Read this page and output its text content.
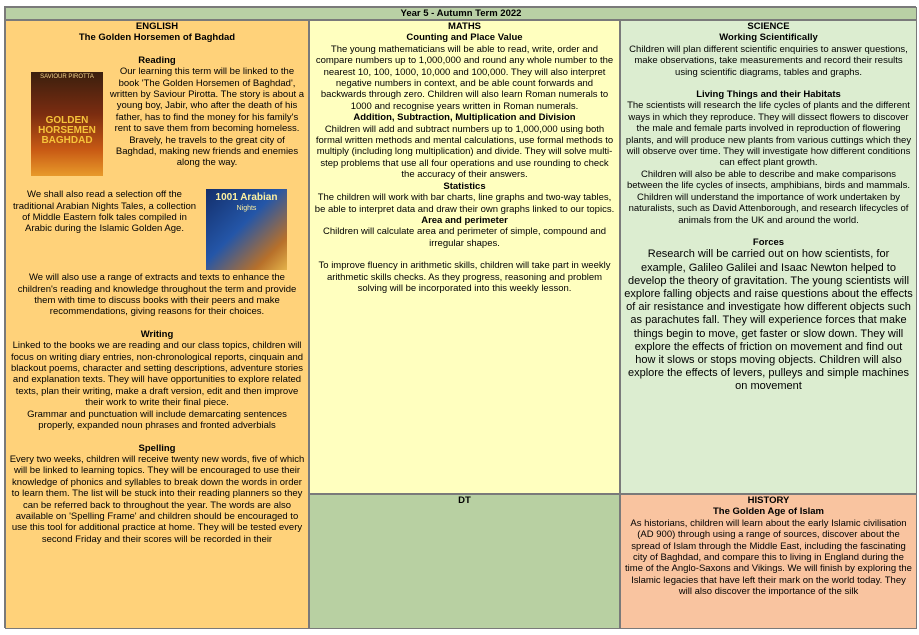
Year 5 - Autumn Term 2022
MATHS
Counting and Place Value

The young mathematicians will be able to read, write, order and compare numbers up to 1,000,000 and round any whole number to the nearest 10, 100, 1000, 10,000 and 100,000. They will also interpret negative numbers in context, and be able count forwards and backwards through zero. Children will also learn Roman numerals to 1000 and recognise years written in Roman numerals.

Addition, Subtraction, Multiplication and Division

Children will add and subtract numbers up to 1,000,000 using both formal written methods and mental calculations, use formal methods to multiply (including long multiplication) and divide. They will solve multi-step problems that use all four operations and use rounding to check the accuracy of their answers.

Statistics

The children will work with bar charts, line graphs and two-way tables, be able to interpret data and draw their own graphs linked to our topics.

Area and perimeter

Children will calculate area and perimeter of simple, compound and irregular shapes.

To improve fluency in arithmetic skills, children will take part in weekly arithmetic skills checks. As they progress, reasoning and problem solving will be incorporated into this weekly lesson.

ENGLISH
The Golden Horsemen of Baghdad
Reading
SAVIOUR PIROTTA
GOLDEN HORSEMEN BAGHDAD

Our learning this term will be linked to the book 'The Golden Horsemen of Baghdad', written by Saviour Pirotta. The story is about a young boy, Jabir, who after the death of his father, has to find the money for his family's rent to save them from becoming homeless. Bravely, he travels to the great city of Baghdad, making new friends and enemies along the way.

1001 Arabian
Nights

We shall also read a selection off the traditional Arabian Nights Tales, a collection of Middle Eastern folk tales compiled in Arabic during the Islamic Golden Age.

We will also use a range of extracts and texts to enhance the children's reading and knowledge throughout the term and provide them with time to discuss books with their peers and make recommendations, giving reasons for their choices.

Writing

Linked to the books we are reading and our class topics, children will focus on writing diary entries, non-chronological reports, cinquain and blackout poems, character and setting descriptions, adventure stories and explanation texts. They will have opportunities to explore related texts, plan their writing, make a draft version, edit and then improve their work to write their final piece.

Grammar and punctuation will include demarcating sentences properly, expanded noun phrases and fronted adverbials

Spelling

Every two weeks, children will receive twenty new words, five of which will be linked to learning topics. They will be encouraged to use their knowledge of phonics and syllables to break down the words in order to learn them. The list will be stuck into their reading planners so they can be referred back to throughout the year. The words are also available on 'Spelling Frame' and children should be encouraged to use this tool for additional practice at home. They will be tested every second Friday and their scores will be recorded in their

SCIENCE
Working Scientifically

Children will plan different scientific enquiries to answer questions, make observations, take measurements and record their results using scientific diagrams, tables and graphs.

Living Things and their Habitats

The scientists will research the life cycles of plants and the different ways in which they reproduce. They will dissect flowers to discover the male and female parts involved in reproduction of flowering plants, and will produce new plants from various cuttings which they will observe over time. They will investigate how different conditions can effect plant growth.

Children will also be able to describe and make comparisons between the life cycles of insects, amphibians, birds and mammals.

Children will understand the importance of work undertaken by naturalists, such as David Attenborough, and research lifecycles of animals from the UK and around the world.

Forces

Research will be carried out on how scientists, for example, Galileo Galilei and Isaac Newton helped to develop the theory of gravitation. The young scientists will explore falling objects and raise questions about the effects of air resistance and investigate how different objects such as parachutes fall. They will experience forces that make things begin to move, get faster or slow down. They will explore the effects of friction on movement and find out how it slows or stops moving objects. Children will also explore the effects of levers, pulleys and simple machines on movement

DT	HISTORY
The Golden Age of Islam

As historians, children will learn about the early Islamic civilisation (AD 900) through using a range of sources, discover about the spread of Islam through the Middle East, including the fascinating city of Baghdad, and compare this to living in England during the time of the Anglo-Saxons and Vikings. We will finish by exploring the Islamic legacies that have left their mark on the world today. They will also discover the importance of the silk
